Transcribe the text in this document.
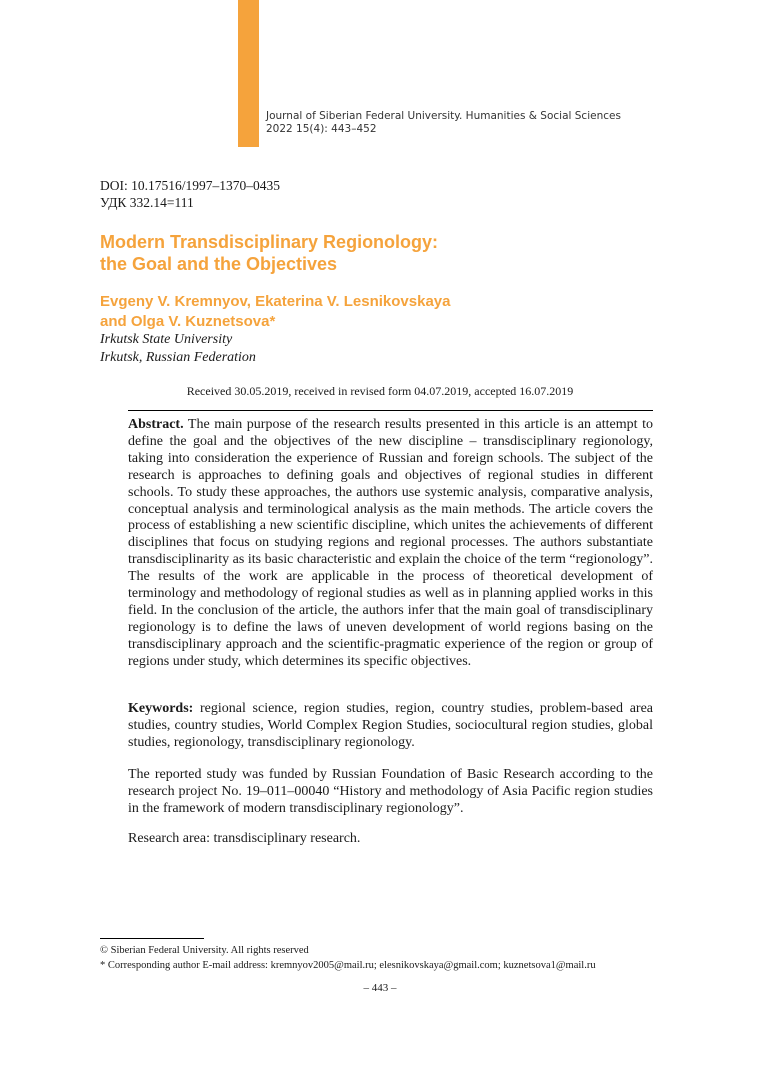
Journal of Siberian Federal University. Humanities & Social Sciences
2022 15(4): 443–452
DOI: 10.17516/1997–1370–0435
УДК 332.14=111
Modern Transdisciplinary Regionology:
the Goal and the Objectives
Evgeny V. Kremnyov, Ekaterina V. Lesnikovskaya
and Olga V. Kuznetsova*
Irkutsk State University
Irkutsk, Russian Federation
Received 30.05.2019, received in revised form 04.07.2019, accepted 16.07.2019
Abstract. The main purpose of the research results presented in this article is an attempt to define the goal and the objectives of the new discipline – transdisciplinary regionology, taking into consideration the experience of Russian and foreign schools. The subject of the research is approaches to defining goals and objectives of regional studies in different schools. To study these approaches, the authors use systemic analysis, comparative analysis, conceptual analysis and terminological analysis as the main methods. The article covers the process of establishing a new scientific discipline, which unites the achievements of different disciplines that focus on studying regions and regional processes. The authors substantiate transdisciplinarity as its basic characteristic and explain the choice of the term “regionology”. The results of the work are applicable in the process of theoretical development of terminology and methodology of regional studies as well as in planning applied works in this field. In the conclusion of the article, the authors infer that the main goal of transdisciplinary regionology is to define the laws of uneven development of world regions basing on the transdisciplinary approach and the scientific-pragmatic experience of the region or group of regions under study, which determines its specific objectives.
Keywords: regional science, region studies, region, country studies, problem-based area studies, country studies, World Complex Region Studies, sociocultural region studies, global studies, regionology, transdisciplinary regionology.
The reported study was funded by Russian Foundation of Basic Research according to the research project No. 19–011–00040 “History and methodology of Asia Pacific region studies in the framework of modern transdisciplinary regionology”.
Research area: transdisciplinary research.
© Siberian Federal University. All rights reserved
* Corresponding author E-mail address: kremnyov2005@mail.ru; elesnikovskaya@gmail.com; kuznetsova1@mail.ru
– 443 –
